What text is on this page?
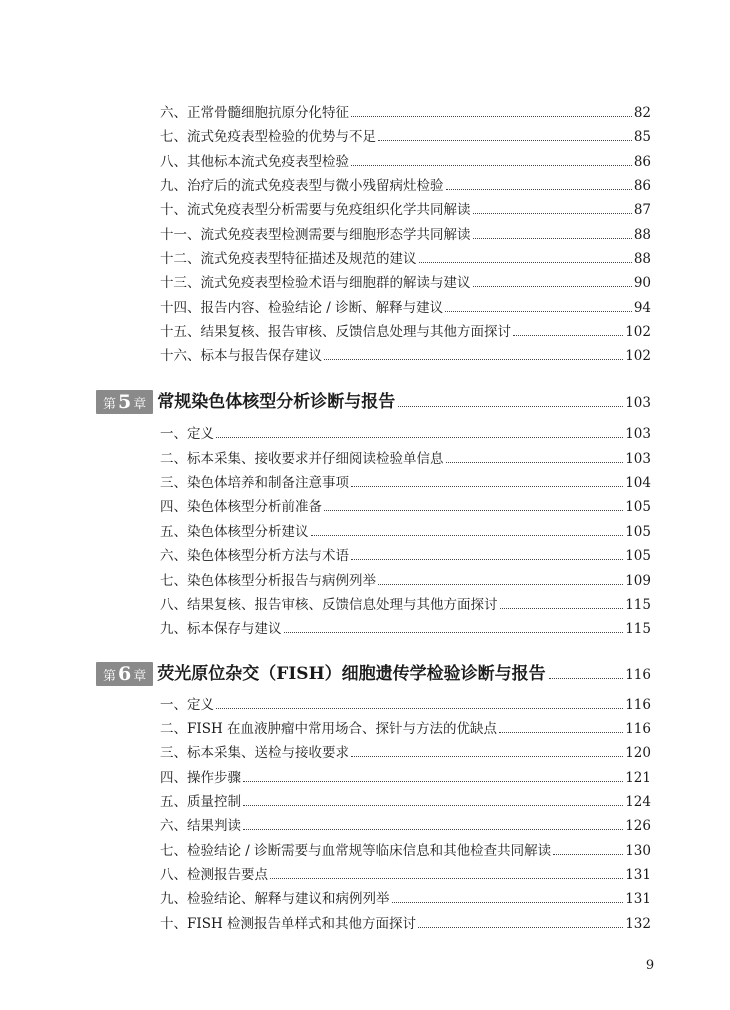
六、正常骨髓细胞抗原分化特征	82
七、流式免疫表型检验的优势与不足	85
八、其他标本流式免疫表型检验	86
九、治疗后的流式免疫表型与微小残留病灶检验	86
十、流式免疫表型分析需要与免疫组织化学共同解读	87
十一、流式免疫表型检测需要与细胞形态学共同解读	88
十二、流式免疫表型特征描述及规范的建议	88
十三、流式免疫表型检验术语与细胞群的解读与建议	90
十四、报告内容、检验结论 / 诊断、解释与建议	94
十五、结果复核、报告审核、反馈信息处理与其他方面探讨	102
十六、标本与报告保存建议	102
第 5 章 常规染色体核型分析诊断与报告	103
一、定义	103
二、标本采集、接收要求并仔细阅读检验单信息	103
三、染色体培养和制备注意事项	104
四、染色体核型分析前准备	105
五、染色体核型分析建议	105
六、染色体核型分析方法与术语	105
七、染色体核型分析报告与病例列举	109
八、结果复核、报告审核、反馈信息处理与其他方面探讨	115
九、标本保存与建议	115
第 6 章 荧光原位杂交（FISH）细胞遗传学检验诊断与报告	116
一、定义	116
二、FISH 在血液肿瘤中常用场合、探针与方法的优缺点	116
三、标本采集、送检与接收要求	120
四、操作步骤	121
五、质量控制	124
六、结果判读	126
七、检验结论 / 诊断需要与血常规等临床信息和其他检查共同解读	130
八、检测报告要点	131
九、检验结论、解释与建议和病例列举	131
十、FISH 检测报告单样式和其他方面探讨	132
9
